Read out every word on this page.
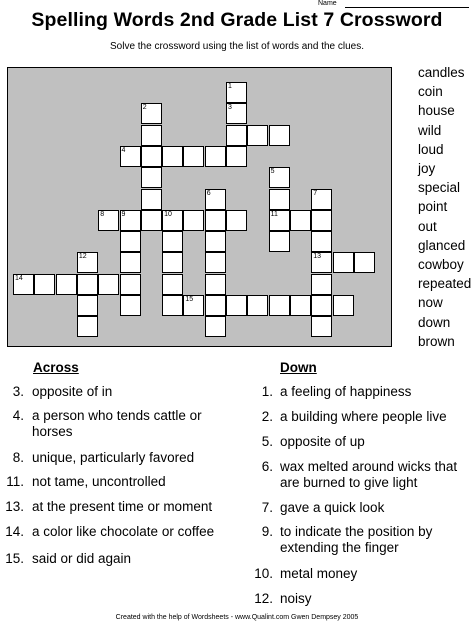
Name
Spelling Words 2nd Grade List 7 Crossword
Solve the crossword using the list of words and the clues.
1
2	3
4
5
6	7
8 9	10	11
12	13
14
15
candles
coin
house
wild
loud
joy
special
point
out
glanced
cowboy
repeated
now
down
brown
Across	Down
3. opposite of in
4. a person who tends cattle or horses
8. unique, particularly favored
11. not tame, uncontrolled
13. at the present time or moment
14. a color like chocolate or coffee
15. said or did again
1. a feeling of happiness
2. a building where people live
5. opposite of up
6. wax melted around wicks that are burned to give light
7. gave a quick look
9. to indicate the position by extending the finger
10. metal money
12. noisy
Created with the help of Wordsheets - www.Qualint.com Gwen Dempsey 2005
